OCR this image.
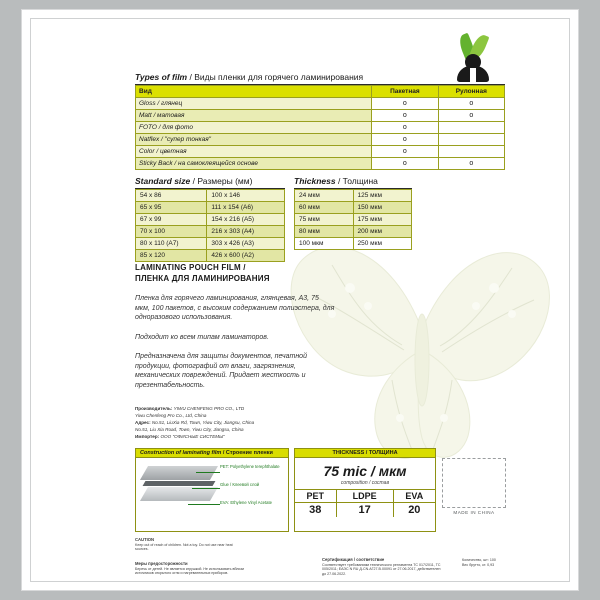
Types of film / Виды пленки для горячего ламинирования
Вид	Пакетная	Рулонная
Gloss / глянец	o	o
Matt / матовая	o	o
FOTO / для фото	o	
Natflex / "супер тонкая"	o	
Color / цветная	o	
Sticky Back / на самоклеящейся основе	o	o
Standard size / Размеры (мм)
54 х 86	100 х 146
65 х 95	111 х 154 (А6)
67 х 99	154 х 216 (А5)
70 х 100	216 х 303 (А4)
80 х 110 (А7)	303 х 426 (А3)
85 х 120	426 х 600 (А2)
Thickness / Толщина
24 мкм	125 мкм
60 мкм	150 мкм
75 мкм	175 мкм
80 мкм	200 мкм
100 мкм	250 мкм
LAMINATING POUCH FILM /
ПЛЕНКА ДЛЯ ЛАМИНИРОВАНИЯ

Пленка для горячего ламинирования, глянцевая, А3, 75 мкм, 100 пакетов, с высоким содержанием полиэстера, для одноразового использования.

Подходит ко всем типам ламинаторов.

Предназначена для защиты документов, печатной продукции, фотографий от влаги, загрязнения, механических повреждений. Придает жесткость и презентабельность.

Производитель: YIWU CHENFENG PRO CO., LTD
Yiwu Chenfeng Pro Co., Ltd, China
Адрес: No.51, LiuXia Rd, Town, Yiwu City, Jiangsu, China
No.51, Liu Xia Road, Town, Yiwu City, Jiangsu, China
Импортер: ООО "ОФИСНЫЕ СИСТЕМЫ"
Construction of laminating film / Строение пленки
PET: Polyethylene terephthalate
Glue / Клеевой слой
EVA: Ethylene Vinyl Acetate
THICKNESS / ТОЛЩИНА
75 mic / мкм
composition / состав
PET	LDPE	EVA
38	17	20	MADE IN CHINA
CAUTION
Keep out of reach of children. Not a toy. Do not use near heat sources.
Меры предосторожности
Беречь от детей. Не является игрушкой. Не использовать вблизи источников открытого огня и нагревательных приборов.
Сертификация / соответствие
Соответствует требованиям технического регламента ТС 017/2011, ТС 005/2011; ЕАЭС N RU Д-CN.АГ27.В.00091 от 27.06.2017, действителен до 27.06.2022.
Количество, шт: 100
Вес брутто, кг: 0,93
